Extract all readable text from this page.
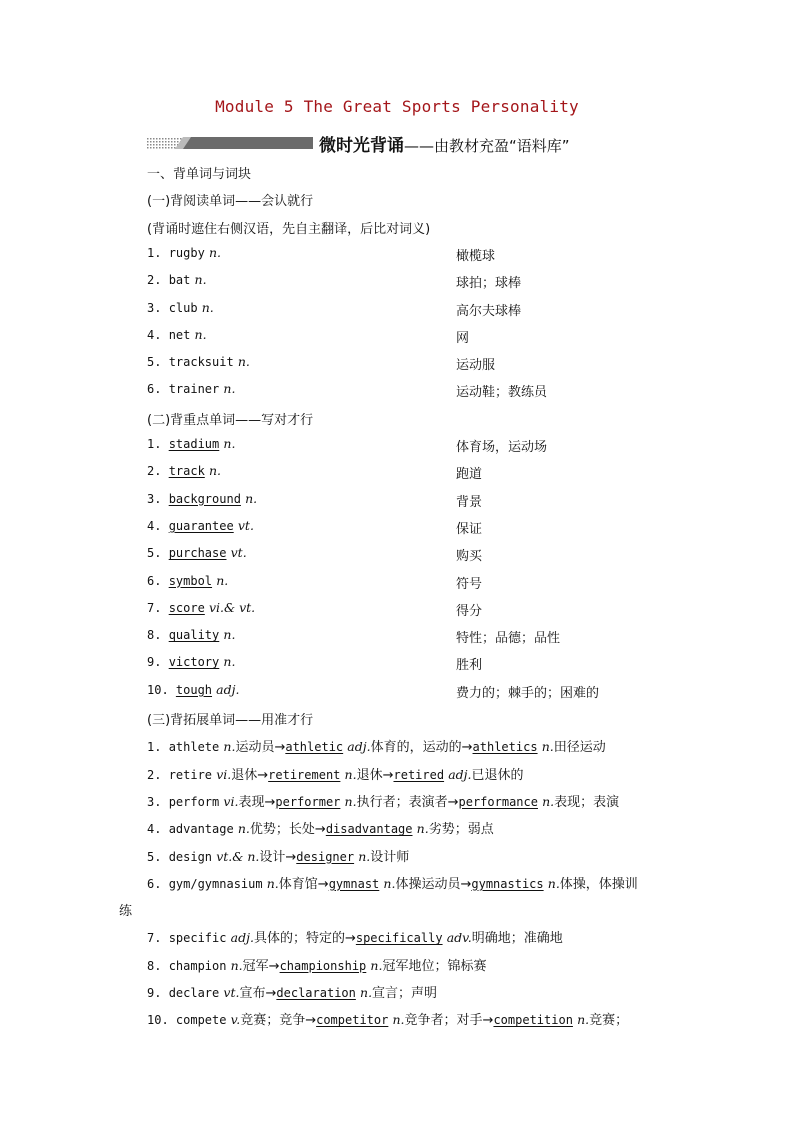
Module 5 The Great Sports Personality
微时光背诵——由教材充盈“语料库”
一、背单词与词块
(一)背阅读单词——会认就行
(背诵时遮住右侧汉语，先自主翻译，后比对词义)
1. rugby n.	橄榄球
2. bat n.	球拍；球棒
3. club n.	高尔夫球棒
4. net n.	网
5. tracksuit n.	运动服
6. trainer n.	运动鞋；教练员
(二)背重点单词——写对才行
1. stadium n.	体育场，运动场
2. track n.	跑道
3. background n.	背景
4. guarantee vt.	保证
5. purchase vt.	购买
6. symbol n.	符号
7. score vi.& vt.	得分
8. quality n.	特性；品德；品性
9. victory n.	胜利
10. tough adj.	费力的；棘手的；困难的
(三)背拓展单词——用准才行
1. athlete n.运动员→athletic adj.体育的，运动的→athletics n.田径运动
2. retire vi.退休→retirement n.退休→retired adj.已退休的
3. perform vi.表现→performer n.执行者；表演者→performance n.表现；表演
4. advantage n.优势；长处→disadvantage n.劣势；弱点
5. design vt.& n.设计→designer n.设计师
6. gym/gymnasium n.体育馆→gymnast n.体操运动员→gymnastics n.体操，体操训
练
7. specific adj.具体的；特定的→specifically adv.明确地；准确地
8. champion n.冠军→championship n.冠军地位；锦标赛
9. declare vt.宣布→declaration n.宣言；声明
10. compete v.竞赛；竞争→competitor n.竞争者；对手→competition n.竞赛；
